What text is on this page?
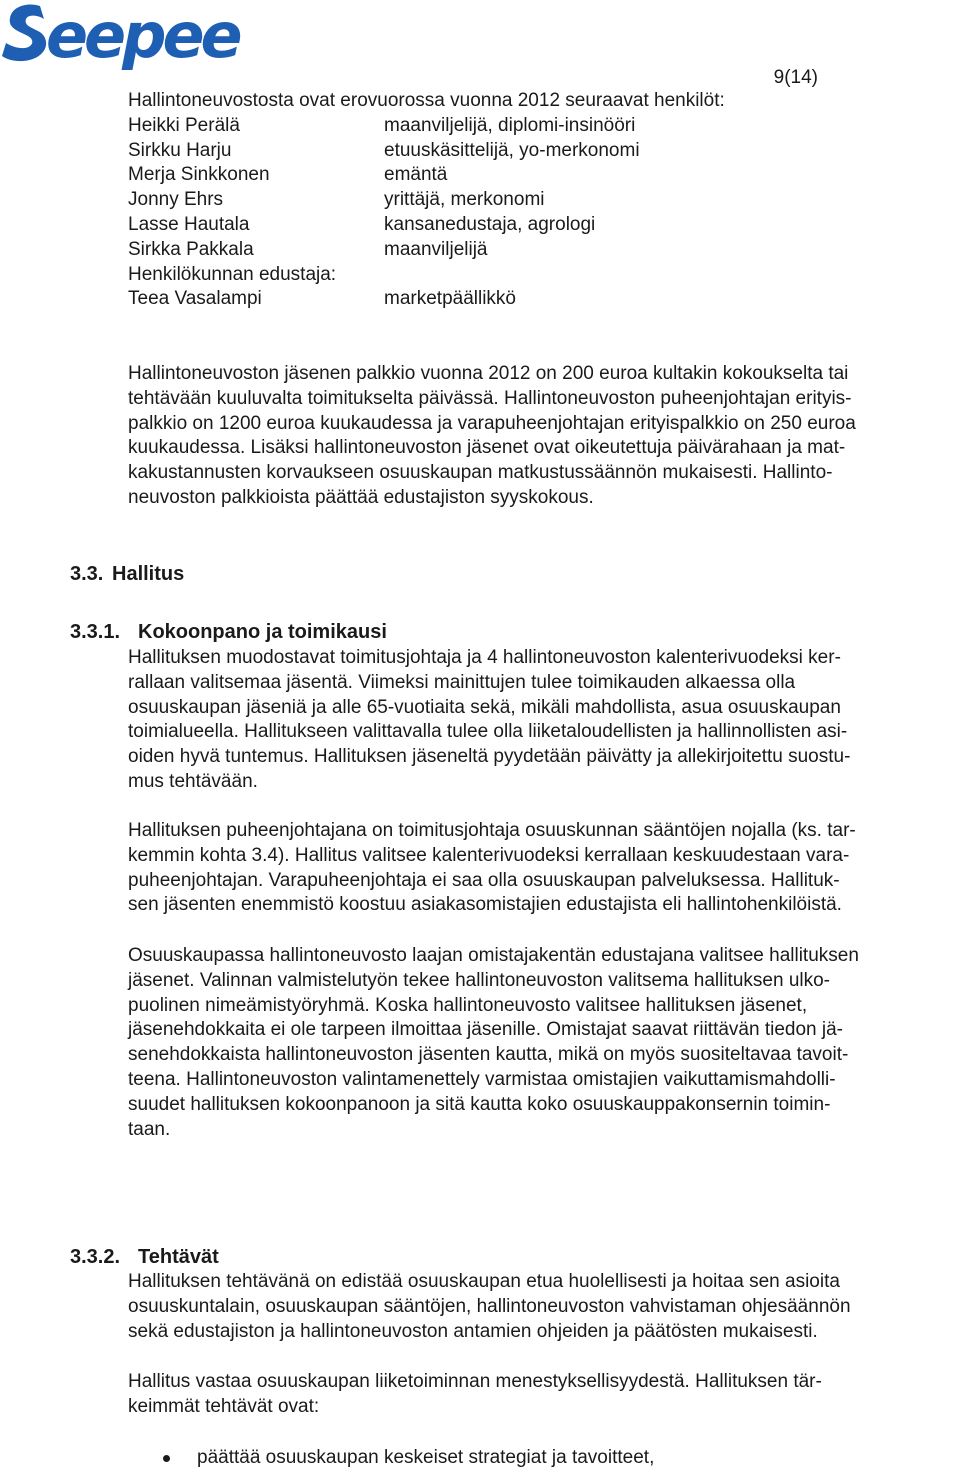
eepee
9(14)
Hallintoneuvostosta ovat erovuorossa vuonna 2012 seuraavat henkilöt:
Heikki Perälä	maanviljelijä, diplomi-insinööri
Sirkku Harju	etuuskäsittelijä, yo-merkonomi
Merja Sinkkonen	emäntä
Jonny Ehrs	yrittäjä, merkonomi
Lasse Hautala	kansanedustaja, agrologi
Sirkka Pakkala	maanviljelijä
Henkilökunnan edustaja:
Teea Vasalampi	marketpäällikkö
Hallintoneuvoston jäsenen palkkio vuonna 2012 on 200 euroa kultakin kokoukselta tai
tehtävään kuuluvalta toimitukselta päivässä. Hallintoneuvoston puheenjohtajan erityis-
palkkio on 1200 euroa kuukaudessa ja varapuheenjohtajan erityispalkkio on 250 euroa
kuukaudessa. Lisäksi hallintoneuvoston jäsenet ovat oikeutettuja päivärahaan ja mat-
kakustannusten korvaukseen osuuskaupan matkustussäännön mukaisesti. Hallinto-
neuvoston palkkioista päättää edustajiston syyskokous.
3.3. Hallitus
3.3.1. Kokoonpano ja toimikausi
Hallituksen muodostavat toimitusjohtaja ja 4 hallintoneuvoston kalenterivuodeksi ker-
rallaan valitsemaa jäsentä. Viimeksi mainittujen tulee toimikauden alkaessa olla
osuuskaupan jäseniä ja alle 65-vuotiaita sekä, mikäli mahdollista, asua osuuskaupan
toimialueella. Hallitukseen valittavalla tulee olla liiketaloudellisten ja hallinnollisten asi-
oiden hyvä tuntemus. Hallituksen jäseneltä pyydetään päivätty ja allekirjoitettu suostu-
mus tehtävään.
Hallituksen puheenjohtajana on toimitusjohtaja osuuskunnan sääntöjen nojalla (ks. tar-
kemmin kohta 3.4). Hallitus valitsee kalenterivuodeksi kerrallaan keskuudestaan vara-
puheenjohtajan. Varapuheenjohtaja ei saa olla osuuskaupan palveluksessa. Hallituk-
sen jäsenten enemmistö koostuu asiakasomistajien edustajista eli hallintohenkilöistä.
Osuuskaupassa hallintoneuvosto laajan omistajakentän edustajana valitsee hallituksen
jäsenet. Valinnan valmistelutyön tekee hallintoneuvoston valitsema hallituksen ulko-
puolinen nimeämistyöryhmä. Koska hallintoneuvosto valitsee hallituksen jäsenet,
jäsenehdokkaita ei ole tarpeen ilmoittaa jäsenille. Omistajat saavat riittävän tiedon jä-
senehdokkaista hallintoneuvoston jäsenten kautta, mikä on myös suositeltavaa tavoit-
teena. Hallintoneuvoston valintamenettely varmistaa omistajien vaikuttamismahdolli-
suudet hallituksen kokoonpanoon ja sitä kautta koko osuuskauppakonsernin toimin-
taan.
3.3.2. Tehtävät
Hallituksen tehtävänä on edistää osuuskaupan etua huolellisesti ja hoitaa sen asioita
osuuskuntalain, osuuskaupan sääntöjen, hallintoneuvoston vahvistaman ohjesäännön
sekä edustajiston ja hallintoneuvoston antamien ohjeiden ja päätösten mukaisesti.
Hallitus vastaa osuuskaupan liiketoiminnan menestyksellisyydestä. Hallituksen tär-
keimmät tehtävät ovat:
päättää osuuskaupan keskeiset strategiat ja tavoitteet,
